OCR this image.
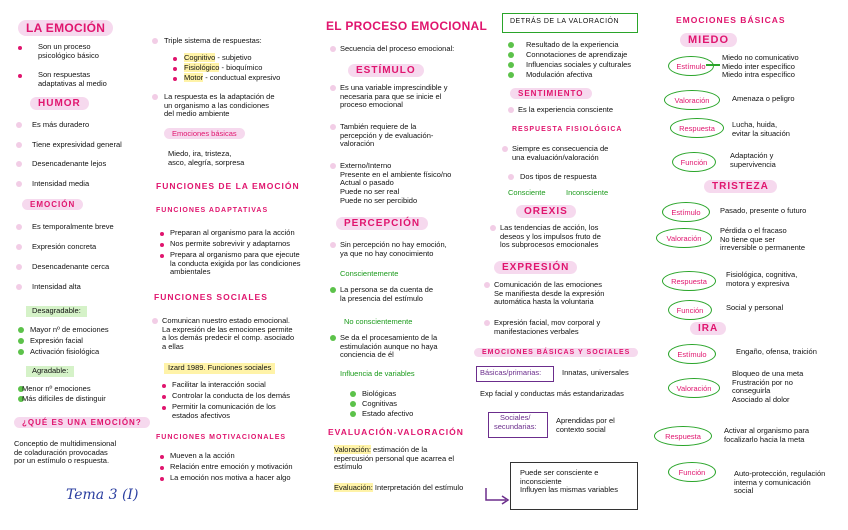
LA EMOCIÓN
Son un proceso
psicológico básico
Son respuestas
adaptativas al medio
HUMOR
Es más duradero
Tiene expresividad general
Desencadenante lejos
Intensidad media
EMOCIÓN
Es temporalmente breve
Expresión concreta
Desencadenante cerca
Intensidad alta
Desagradable:
Mayor nº de emociones
Expresión facial
Activación fisiológica
Agradable:
Menor nº emociones
Más difíciles de distinguir
¿QUÉ ES UNA EMOCIÓN?
Conceptio de multidimensional
de coladuración provocadas
por un estímulo o respuesta.
Tema 3 (I)
Triple sistema de respuestas:
Cognitivo - subjetivo
Fisiológico - bioquímico
Motor - conductual expresivo
La respuesta es la adaptación de
un organismo a las condiciones
del medio ambiente
Emociones básicas
Miedo, ira, tristeza,
asco, alegría, sorpresa
FUNCIONES DE LA EMOCIÓN
FUNCIONES ADAPTATIVAS
Preparan al organismo para la acción
Nos permite sobrevivir y adaptarnos
Prepara al organismo para que ejecute
la conducta exigida por las condiciones
ambientales
FUNCIONES SOCIALES
Comunican nuestro estado emocional.
La expresión de las emociones permite
a los demás predecir el comp. asociado
a ellas
Izard 1989. Funciones sociales
Facilitar la interacción social
Controlar la conducta de los demás
Permitir la comunicación de los
estados afectivos
FUNCIONES MOTIVACIONALES
Mueven a la acción
Relación entre emoción y motivación
La emoción nos motiva a hacer algo
EL PROCESO EMOCIONAL
Secuencia del proceso emocional:
ESTÍMULO
Es una variable imprescindible y
necesaria para que se inicie el
proceso emocional
También requiere de la
percepción y de evaluación-
valoración
Externo/Interno
Presente en el ambiente físico/no
Actual o pasado
Puede no ser real
Puede no ser percibido
PERCEPCIÓN
Sin percepción no hay emoción,
ya que no hay conocimiento
Conscientemente
La persona se da cuenta de
la presencia del estímulo
No conscientemente
Se da el procesamiento de la
estimulación aunque no haya
conciencia de él
Influencia de variables
Biológicas
Cognitivas
Estado afectivo
EVALUACIÓN-VALORACIÓN
Valoración: estimación de la
repercusión personal que acarrea el
estímulo
Evaluación: Interpretación del estímulo
DETRÁS DE LA VALORACIÓN
Resultado de la experiencia
Connotaciones de aprendizaje
Influencias sociales y culturales
Modulación afectiva
SENTIMIENTO
Es la experiencia consciente
RESPUESTA FISIOLÓGICA
Siempre es consecuencia de
una evaluación/valoración
Dos tipos de respuesta
Consciente	Inconsciente
OREXIS
Las tendencias de acción, los
deseos y los impulsos fruto de
los subprocesos emocionales
EXPRESIÓN
Comunicación de las emociones
Se manifiesta desde la expresión
automática hasta la voluntaria
Expresión facial, mov corporal y
manifestaciones verbales
EMOCIONES BÁSICAS Y SOCIALES
Básicas/primarias:	Innatas, universales
Exp facial y conductas más estandarizadas
Sociales/
secundarias:
Aprendidas por el
contexto social
Puede ser consciente e
inconsciente
Influyen las mismas variables
EMOCIONES BÁSICAS
MIEDO
Estímulo
Miedo no comunicativo
Miedo inter específico
Miedo intra específico
Valoración	Amenaza o peligro
Respuesta	Lucha, huida,
evitar la situación
Función
Adaptación y
supervivencia
TRISTEZA
Estímulo	Pasado, presente o futuro
Valoración
Pérdida o el fracaso
No tiene que ser
irreversible o permanente
Respuesta
Fisiológica, cognitiva,
motora y expresiva
Función	Social y personal
IRA
Estímulo	Engaño, ofensa, traición
Valoración
Bloqueo de una meta
Frustración por no
conseguirla
Asociado al dolor
Respuesta
Activar al organismo para
focalizarlo hacia la meta
Función	Auto-protección, regulación
interna y comunicación
social
